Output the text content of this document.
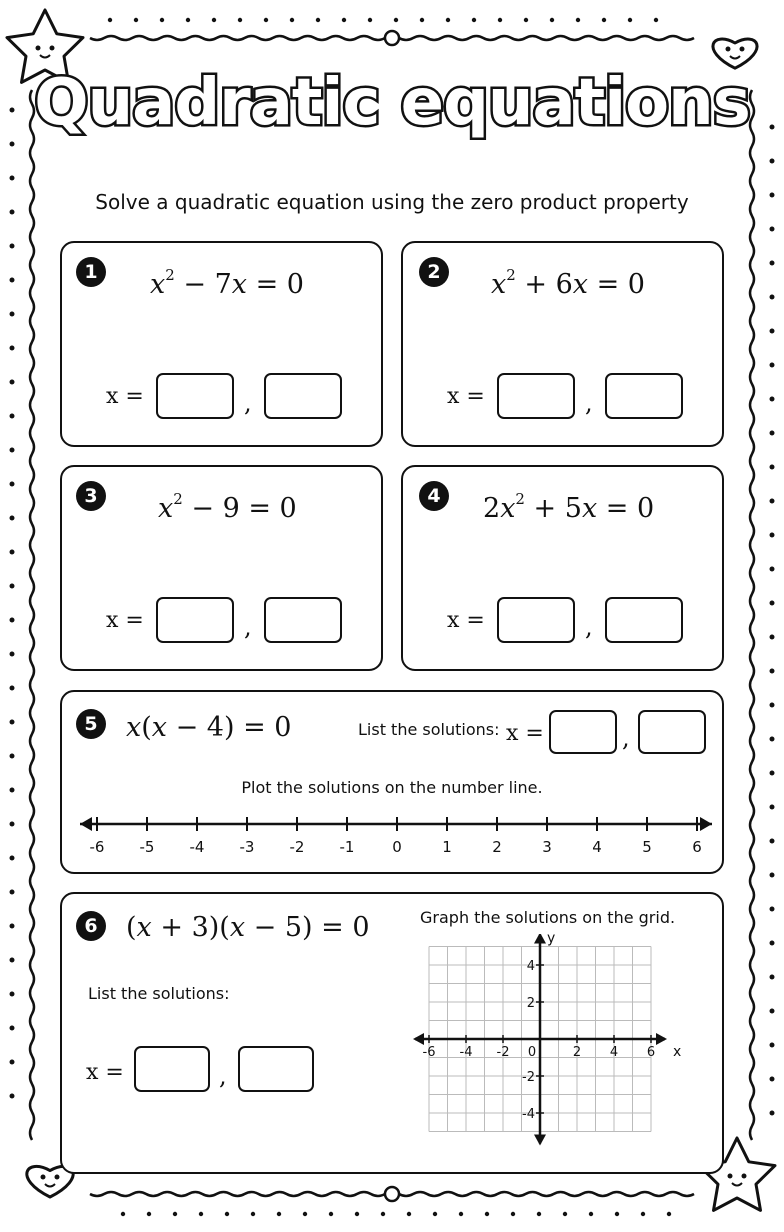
Quadratic equations
Solve a quadratic equation using the zero product property
1	$x^2 - 7x = 0$
x =	,
2	$x^2 + 6x = 0$
x =	,
3	$x^2 - 9 = 0$
x =	,
4	$2x^2 + 5x = 0$
x =	,
5	x(x − 4) = 0	List the solutions: x =	,
Plot the solutions on the number line.
-6 -5 -4 -3 -2 -1	0	1	2	3	4	5	6
6	(x + 3)(x − 5) = 0
List the solutions:
x =	,
Graph the solutions on the grid.
-6 -4 -2 0	2 4 6
4
2
-2
-4
x
y
